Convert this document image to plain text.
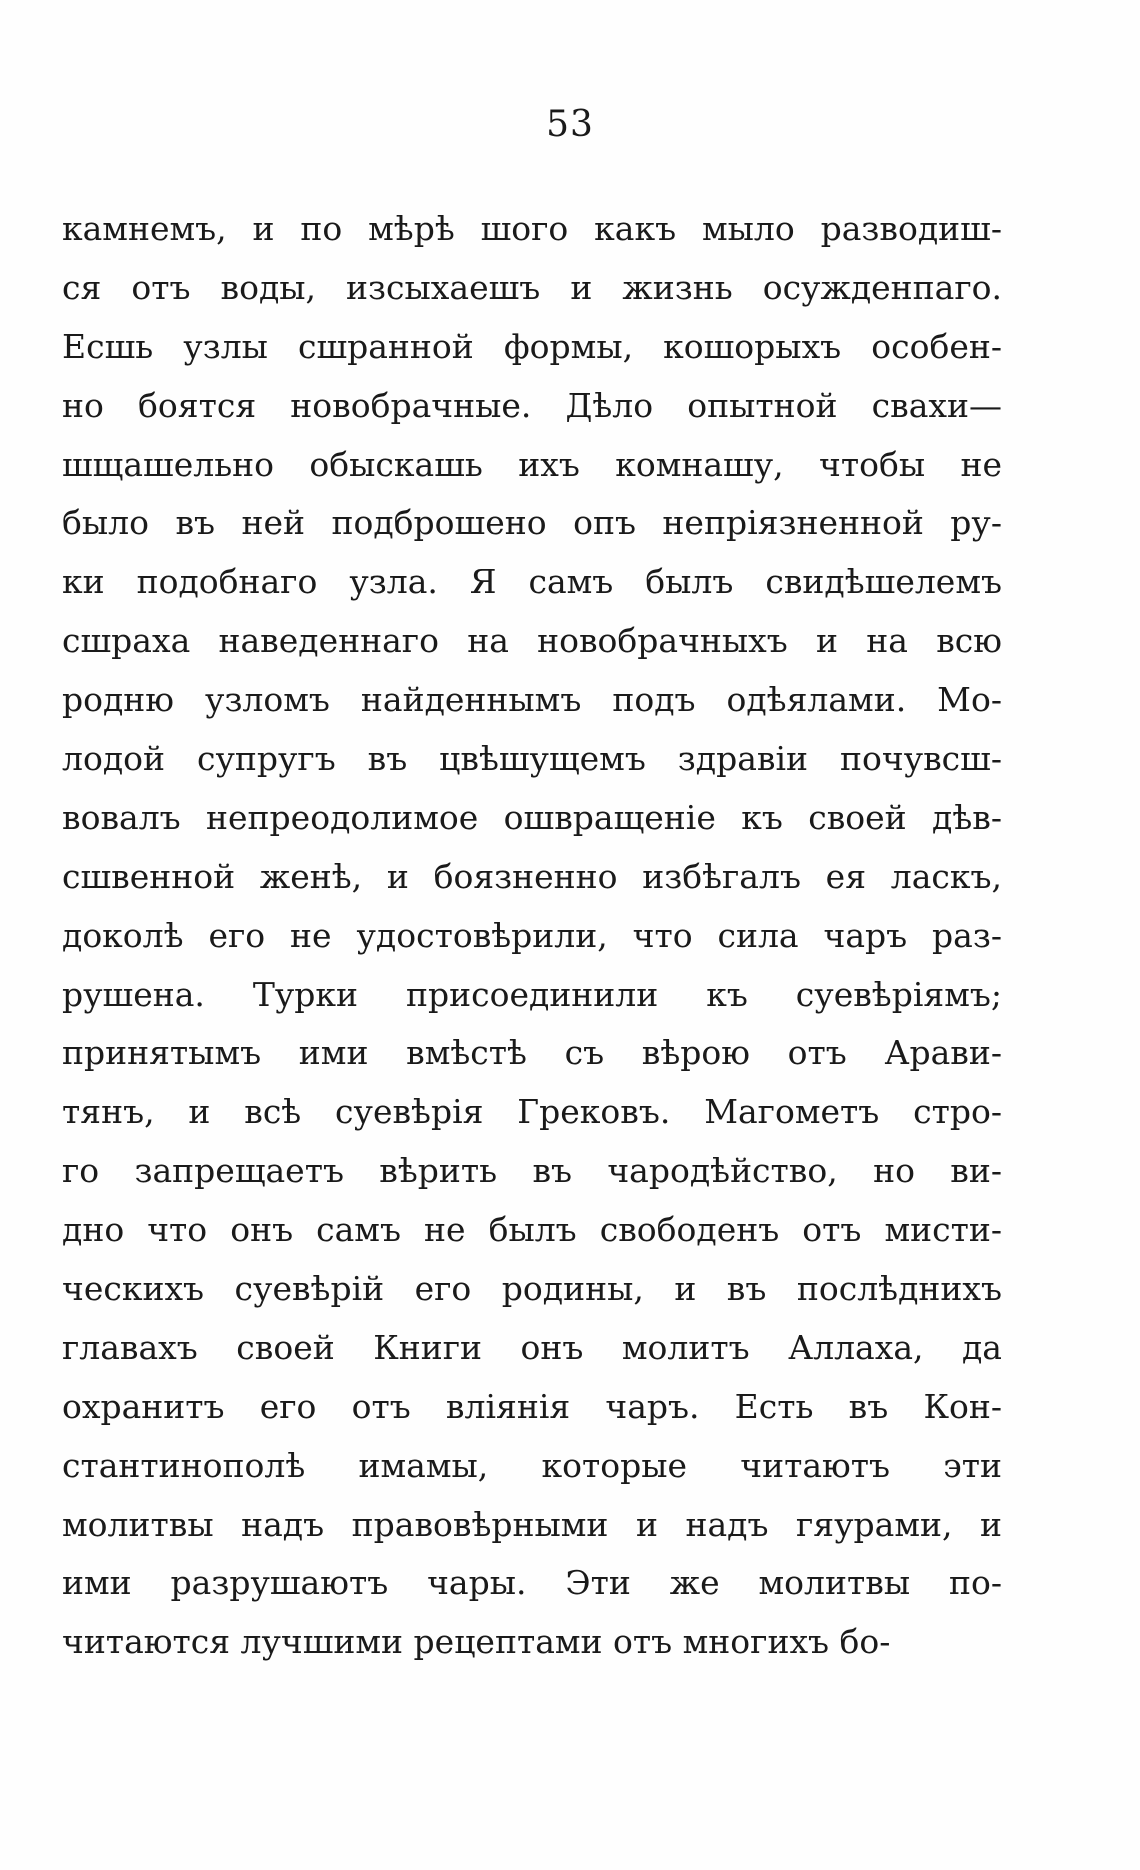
53
камнемъ, и по мѣрѣ шого какъ мыло разводиш-
ся отъ воды, изсыхаешъ и жизнь осужденпаго.
Есшь узлы сшранной формы, кошорыхъ особен-
но боятся новобрачные. Дѣло опытной свахи—
шщашельно обыскашь ихъ комнашу, чтобы не
было въ ней подброшено опъ непріязненной ру-
ки подобнаго узла. Я самъ былъ свидѣшелемъ
сшраха наведеннаго на новобрачныхъ и на всю
родню узломъ найденнымъ подъ одѣялами. Мо-
лодой супругъ въ цвѣшущемъ здравіи почувсш-
вовалъ непреодолимое ошвращеніе къ своей дѣв-
сшвенной женѣ, и боязненно избѣгалъ ея ласкъ,
доколѣ его не удостовѣрили, что сила чаръ раз-
рушена. Турки присоединили къ суевѣріямъ;
принятымъ ими вмѣстѣ съ вѣрою отъ Арави-
тянъ, и всѣ суевѣрія Грековъ. Магометъ стро-
го запрещаетъ вѣрить въ чародѣйство, но ви-
дно что онъ самъ не былъ свободенъ отъ мисти-
ческихъ суевѣрій его родины, и въ послѣднихъ
главахъ своей Книги онъ молитъ Аллаха, да
охранитъ его отъ вліянія чаръ. Есть въ Кон-
стантинополѣ имамы, которые читаютъ эти
молитвы надъ правовѣрными и надъ гяурами, и
ими разрушаютъ чары. Эти же молитвы по-
читаются лучшими рецептами отъ многихъ бо-
